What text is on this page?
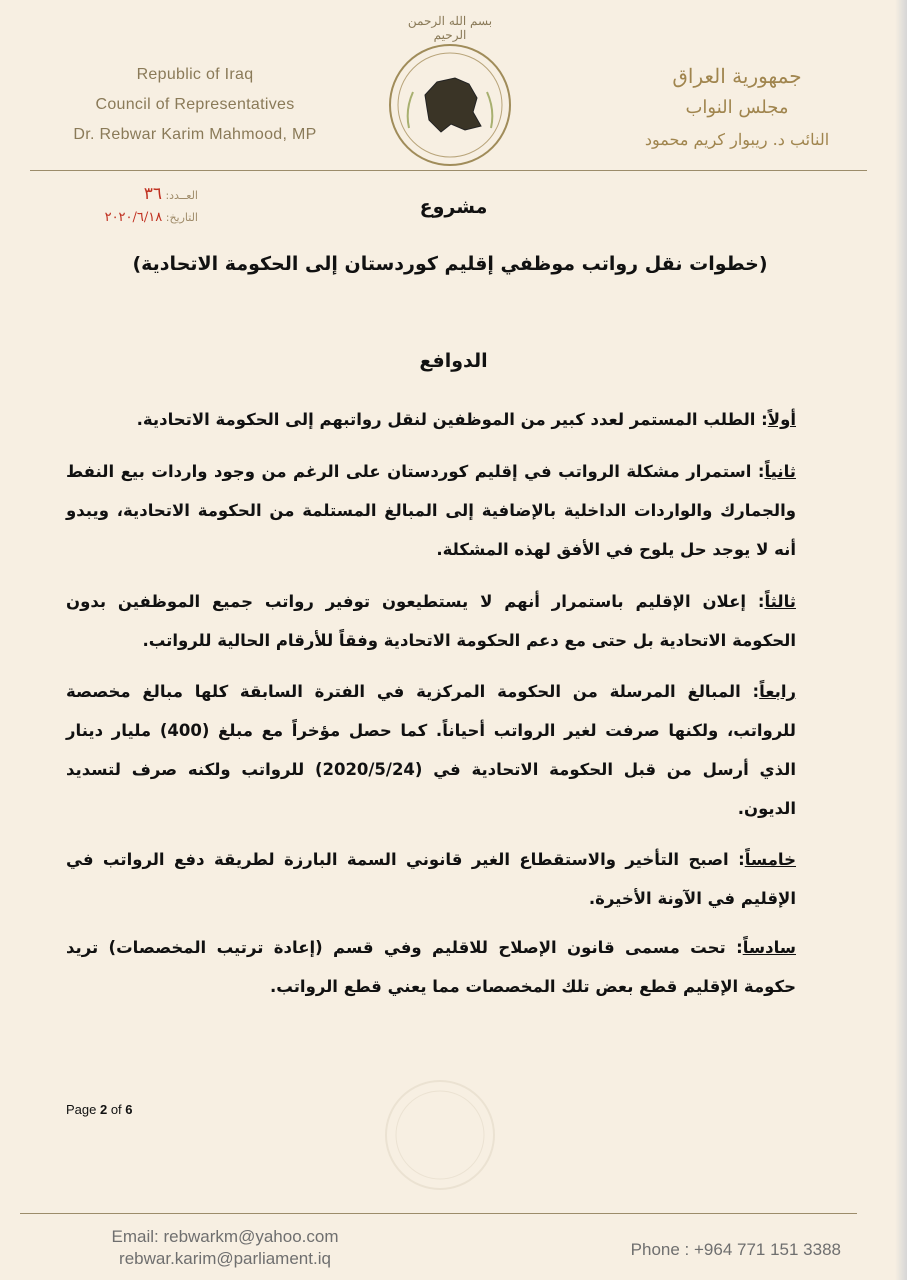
Republic of Iraq
Council of Representatives
Dr. Rebwar Karim Mahmood, MP
بسم الله الرحمن الرحيم
جمهورية العراق
مجلس النواب
النائب د. ريبوار كريم محمود
العــدد: ٣٦
التاريخ: ٢٠٢٠/٦/١٨	مشروع
(خطوات نقل رواتب موظفي إقليم كوردستان إلى الحكومة الاتحادية)
الدوافع

أولاً: الطلب المستمر لعدد كبير من الموظفين لنقل رواتبهم إلى الحكومة الاتحادية.

ثانياً: استمرار مشكلة الرواتب في إقليم كوردستان على الرغم من وجود واردات بيع النفط والجمارك والواردات الداخلية بالإضافية إلى المبالغ المستلمة من الحكومة الاتحادية، ويبدو أنه لا يوجد حل يلوح في الأفق لهذه المشكلة.

ثالثاً: إعلان الإقليم باستمرار أنهم لا يستطيعون توفير رواتب جميع الموظفين بدون الحكومة الاتحادية بل حتى مع دعم الحكومة الاتحادية وفقاً للأرقام الحالية للرواتب.

رابعاً: المبالغ المرسلة من الحكومة المركزية في الفترة السابقة كلها مبالغ مخصصة للرواتب، ولكنها صرفت لغير الرواتب أحياناً. كما حصل مؤخراً مع مبلغ (400) مليار دينار الذي أرسل من قبل الحكومة الاتحادية في (2020/5/24) للرواتب ولكنه صرف لتسديد الديون.

خامساً: اصبح التأخير والاستقطاع الغير قانوني السمة البارزة لطريقة دفع الرواتب في الإقليم في الآونة الأخيرة.

سادساً: تحت مسمى قانون الإصلاح للاقليم وفي قسم (إعادة ترتيب المخصصات) تريد حكومة الإقليم قطع بعض تلك المخصصات مما يعني قطع الرواتب.

Page 2 of 6
Email: rebwarkm@yahoo.com
rebwar.karim@parliament.iq	Phone : +964 771 151 3388
